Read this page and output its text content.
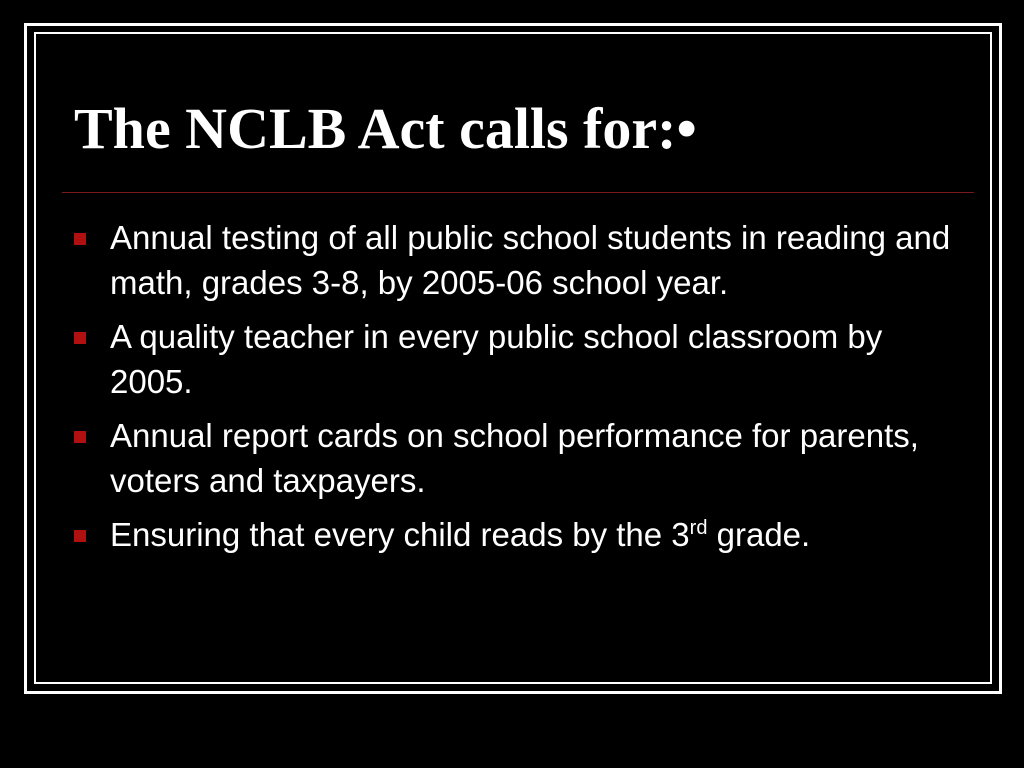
The NCLB Act calls for:•
Annual testing of all public school students in reading and math, grades 3-8, by 2005-06 school year.
A quality teacher in every public school classroom by 2005.
Annual report cards on school performance for parents, voters and taxpayers.
Ensuring that every child reads by the 3rd grade.
